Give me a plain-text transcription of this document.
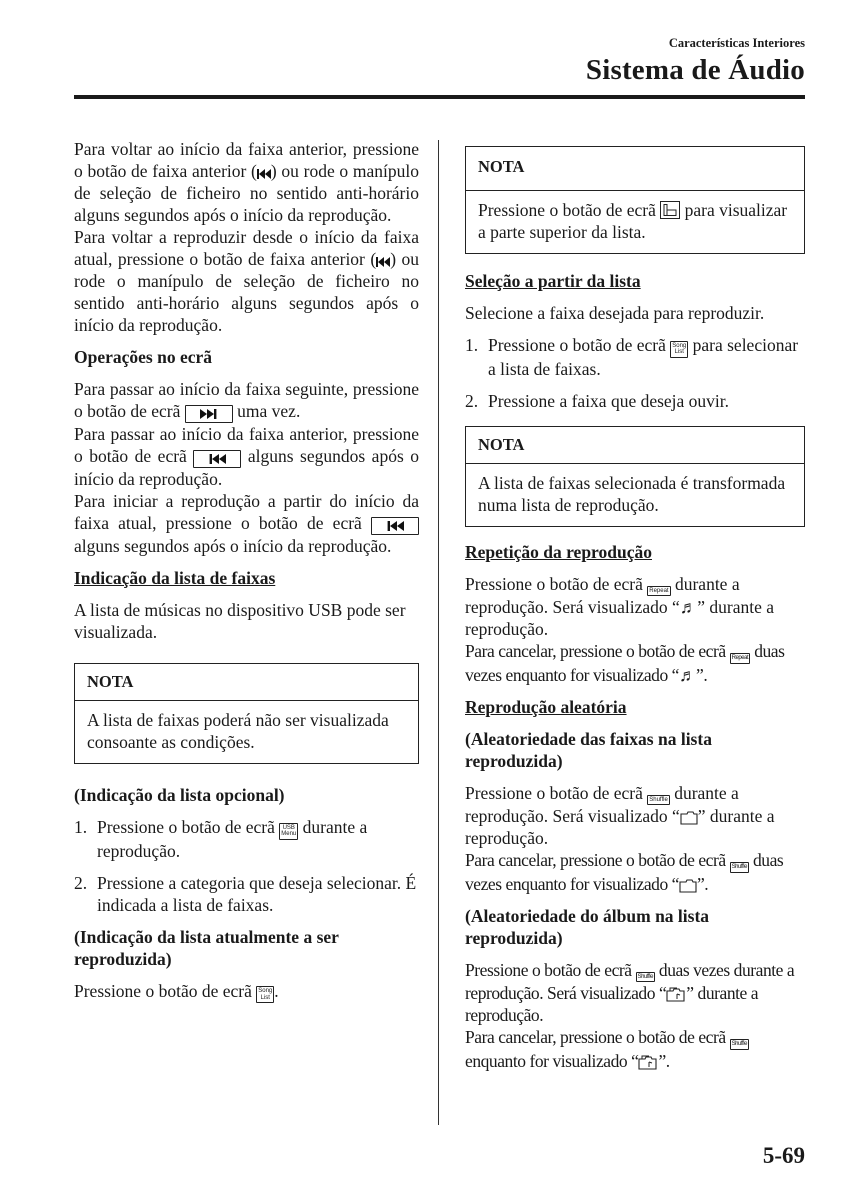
Características Interiores
Sistema de Áudio

Para voltar ao início da faixa anterior, pressione o botão de faixa anterior ( ) ou rode o manípulo de seleção de ficheiro no sentido anti-horário alguns segundos após o início da reprodução.
Para voltar a reproduzir desde o início da faixa atual, pressione o botão de faixa anterior ( ) ou rode o manípulo de seleção de ficheiro no sentido anti-horário alguns segundos após o início da reprodução.

Operações no ecrã

Para passar ao início da faixa seguinte, pressione o botão de ecrã	uma vez.
Para passar ao início da faixa anterior, pressione o botão de ecrã	alguns segundos após o início da reprodução.
Para iniciar a reprodução a partir do início da faixa atual, pressione o botão de ecrã  alguns segundos após o início da reprodução.

Indicação da lista de faixas

A lista de músicas no dispositivo USB pode ser visualizada.

NOTA
A lista de faixas poderá não ser visualizada consoante as condições.

(Indicação da lista opcional)

1. Pressione o botão de ecrã USB
Menu durante a reprodução.
2. Pressione a categoria que deseja selecionar. É indicada a lista de faixas.

(Indicação da lista atualmente a ser reproduzida)

Pressione o botão de ecrã Song
List .

NOTA
Pressione o botão de ecrã para visualizar a parte superior da lista.

Seleção a partir da lista

Selecione a faixa desejada para reproduzir.

1. Pressione o botão de ecrã Song
List para selecionar a lista de faixas.
2. Pressione a faixa que deseja ouvir.
NOTA
A lista de faixas selecionada é transformada numa lista de reprodução.

Repetição da reprodução

Pressione o botão de ecrã Repeat durante a reprodução. Será visualizado “♬” durante a reprodução.
Para cancelar, pressione o botão de ecrã Repeat duas vezes enquanto for visualizado “♬”.

Reprodução aleatória

(Aleatoriedade das faixas na lista reproduzida)

Pressione o botão de ecrã Shuffle durante a reprodução. Será visualizado “ ” durante a reprodução.
Para cancelar, pressione o botão de ecrã Shuffle duas vezes enquanto for visualizado “ ”.

(Aleatoriedade do álbum na lista reproduzida)

Pressione o botão de ecrã Shuffle duas vezes durante a reprodução. Será visualizado “ ” durante a reprodução.
Para cancelar, pressione o botão de ecrã Shuffle enquanto for visualizado “ ”.

5-69
